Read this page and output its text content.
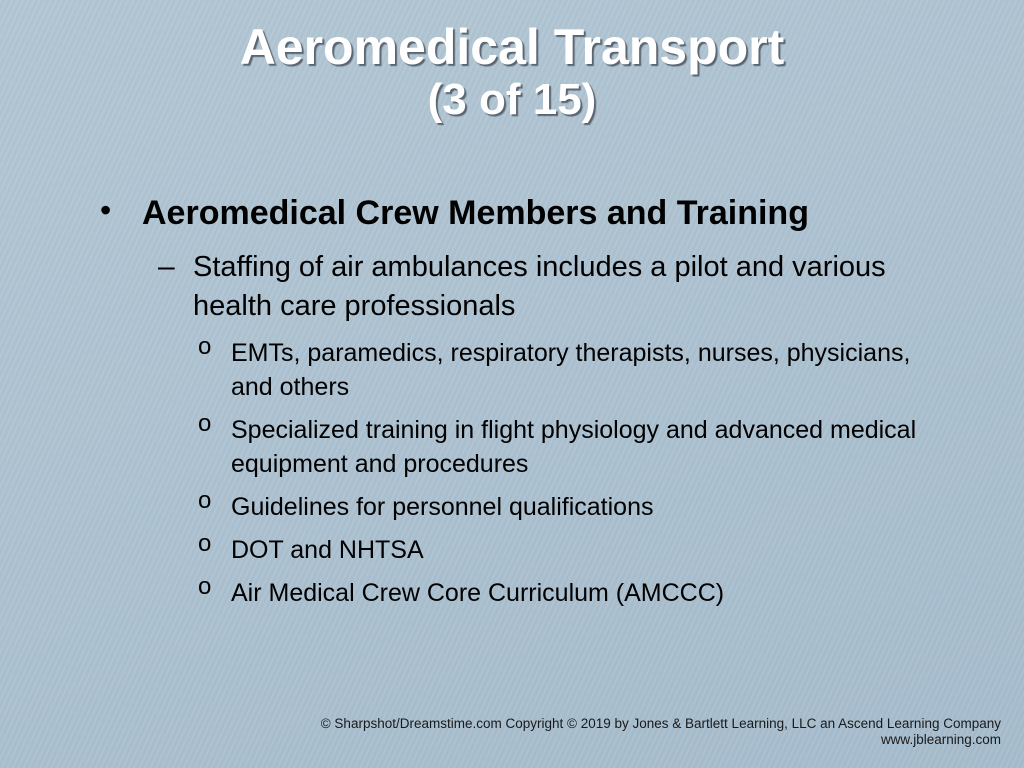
Aeromedical Transport
(3 of 15)
• Aeromedical Crew Members and Training
– Staffing of air ambulances includes a pilot and various health care professionals
o EMTs, paramedics, respiratory therapists, nurses, physicians, and others
o Specialized training in flight physiology and advanced medical equipment and procedures
o Guidelines for personnel qualifications
o DOT and NHTSA
o Air Medical Crew Core Curriculum (AMCCC)
© Sharpshot/Dreamstime.com Copyright © 2019 by Jones & Bartlett Learning, LLC an Ascend Learning Company
www.jblearning.com
